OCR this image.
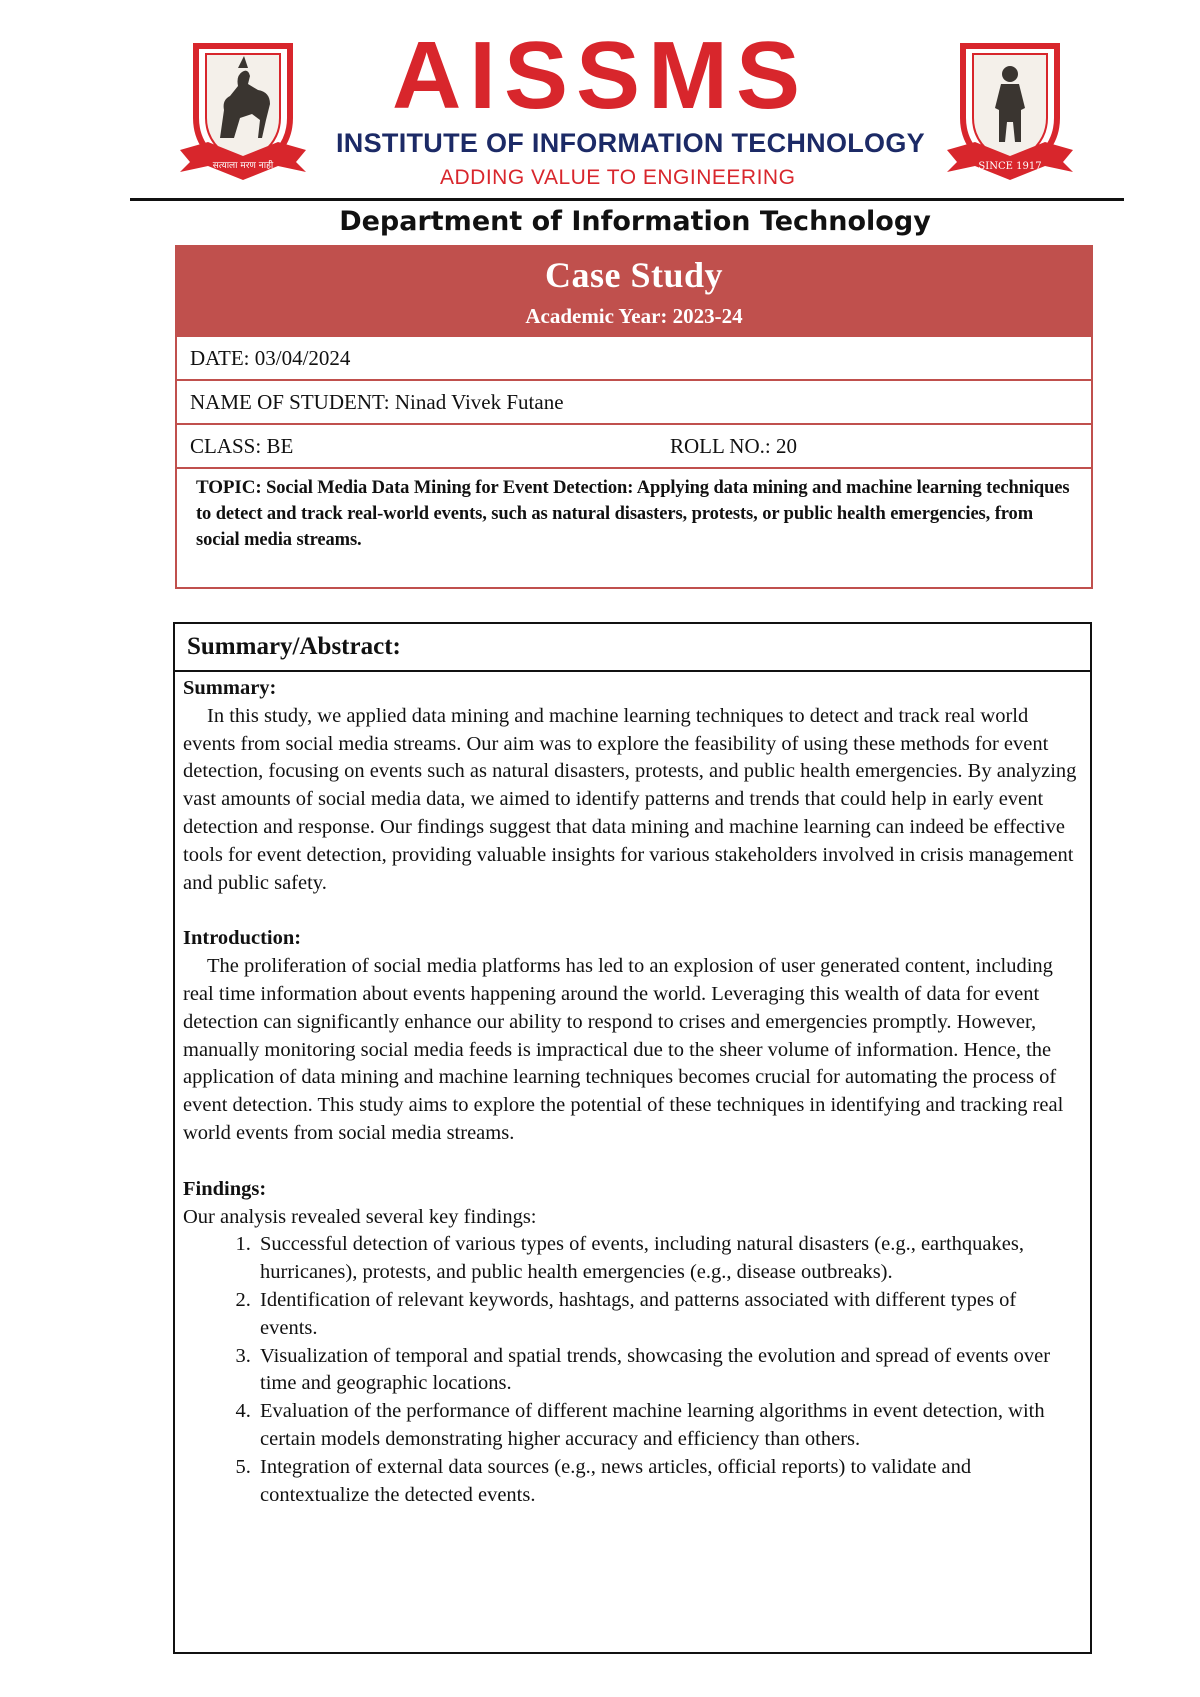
सत्याला मरण नाही
AISSMS
INSTITUTE OF INFORMATION TECHNOLOGY
ADDING VALUE TO ENGINEERING	SINCE 1917
Department of Information Technology
Case Study
Academic Year: 2023-24
DATE: 03/04/2024
NAME OF STUDENT: Ninad Vivek Futane
CLASS: BE	ROLL NO.: 20
TOPIC: Social Media Data Mining for Event Detection: Applying data mining and machine learning techniques to detect and track real-world events, such as natural disasters, protests, or public health emergencies, from social media streams.
Summary/Abstract:
Summary:
In this study, we applied data mining and machine learning techniques to detect and track real world events from social media streams. Our aim was to explore the feasibility of using these methods for event detection, focusing on events such as natural disasters, protests, and public health emergencies. By analyzing vast amounts of social media data, we aimed to identify patterns and trends that could help in early event detection and response. Our findings suggest that data mining and machine learning can indeed be effective tools for event detection, providing valuable insights for various stakeholders involved in crisis management and public safety.
Introduction:
The proliferation of social media platforms has led to an explosion of user generated content, including real time information about events happening around the world. Leveraging this wealth of data for event detection can significantly enhance our ability to respond to crises and emergencies promptly. However, manually monitoring social media feeds is impractical due to the sheer volume of information. Hence, the application of data mining and machine learning techniques becomes crucial for automating the process of event detection. This study aims to explore the potential of these techniques in identifying and tracking real world events from social media streams.
Findings:
Our analysis revealed several key findings:
1. Successful detection of various types of events, including natural disasters (e.g., earthquakes, hurricanes), protests, and public health emergencies (e.g., disease outbreaks).
2. Identification of relevant keywords, hashtags, and patterns associated with different types of events.
3. Visualization of temporal and spatial trends, showcasing the evolution and spread of events over time and geographic locations.
4. Evaluation of the performance of different machine learning algorithms in event detection, with certain models demonstrating higher accuracy and efficiency than others.
5. Integration of external data sources (e.g., news articles, official reports) to validate and contextualize the detected events.
